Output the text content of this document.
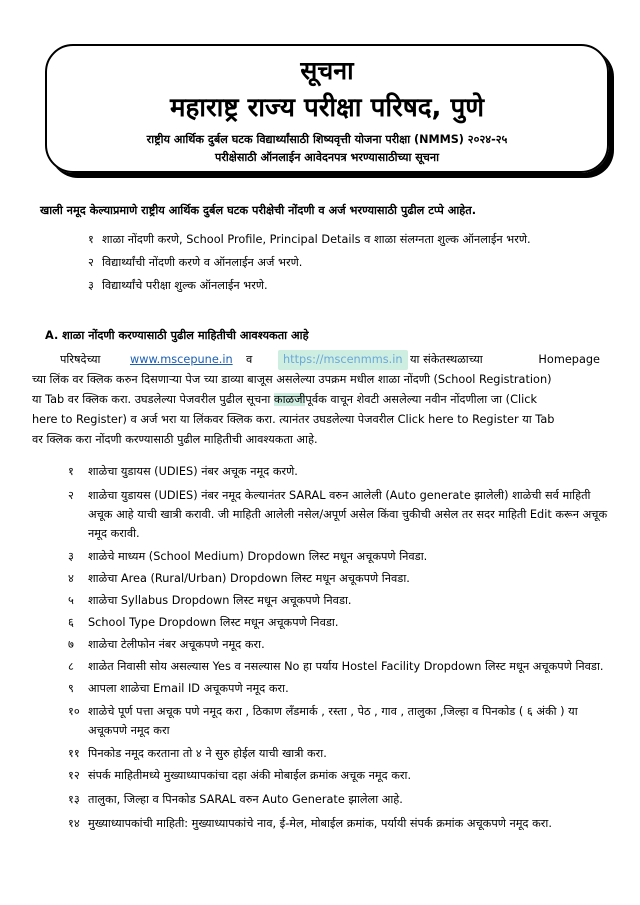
सूचना
महाराष्ट्र राज्य परीक्षा परिषद, पुणे
राष्ट्रीय आर्थिक दुर्बल घटक विद्यार्थ्यांसाठी शिष्यवृत्ती योजना परीक्षा (NMMS) २०२४-२५
परीक्षेसाठी ऑनलाईन आवेदनपत्र भरण्यासाठीच्या सूचना
खाली नमूद केल्याप्रमाणे राष्ट्रीय आर्थिक दुर्बल घटक परीक्षेची नोंदणी व अर्ज भरण्यासाठी पुढील टप्पे आहेत.
१ शाळा नोंदणी करणे, School Profile, Principal Details व शाळा संलग्नता शुल्क ऑनलाईन भरणे.
२ विद्यार्थ्यांची नोंदणी करणे व ऑनलाईन अर्ज भरणे.
३ विद्यार्थ्यांचे परीक्षा शुल्क ऑनलाईन भरणे.
A. शाळा नोंदणी करण्यासाठी पुढील माहितीची आवश्यकता आहे
परिषदेच्या	www.mscepune.in व	https://mscenmms.in या संकेतस्थळाच्या	Homepage
च्या लिंक वर क्लिक करुन दिसणाऱ्या पेज च्या डाव्या बाजूस असलेल्या उपक्रम मधील शाळा नोंदणी (School Registration)
या Tab वर क्लिक करा. उघडलेल्या पेजवरील पुढील सूचना काळजीपूर्वक वाचून शेवटी असलेल्या नवीन नोंदणीला जा (Click
here to Register) व अर्ज भरा या लिंकवर क्लिक करा. त्यानंतर उघडलेल्या पेजवरील Click here to Register या Tab
वर क्लिक करा नोंदणी करण्यासाठी पुढील माहितीची आवश्यकता आहे.
१	शाळेचा युडायस (UDIES) नंबर अचूक नमूद करणे.
२	शाळेचा युडायस (UDIES) नंबर नमूद केल्यानंतर SARAL वरुन आलेली (Auto generate झालेली) शाळेची सर्व माहिती अचूक आहे याची खात्री करावी. जी माहिती आलेली नसेल/अपूर्ण असेल किंवा चुकीची असेल तर सदर माहिती Edit करून अचूक नमूद करावी.
३	शाळेचे माध्यम (School Medium) Dropdown लिस्ट मधून अचूकपणे निवडा.
४	शाळेचा Area (Rural/Urban) Dropdown लिस्ट मधून अचूकपणे निवडा.
५	शाळेचा Syllabus Dropdown लिस्ट मधून अचूकपणे निवडा.
६	School Type Dropdown लिस्ट मधून अचूकपणे निवडा.
७	शाळेचा टेलीफोन नंबर अचूकपणे नमूद करा.
८	शाळेत निवासी सोय असल्यास Yes व नसल्यास No हा पर्याय Hostel Facility Dropdown लिस्ट मधून अचूकपणे निवडा.
९	आपला शाळेचा Email ID अचूकपणे नमूद करा.
१० शाळेचे पूर्ण पत्ता अचूक पणे नमूद करा , ठिकाण लँडमार्क , रस्ता , पेठ , गाव , तालुका ,जिल्हा व पिनकोड ( ६ अंकी ) या अचूकपणे नमूद करा
११ पिनकोड नमूद करताना तो ४ ने सुरु होईल याची खात्री करा.
१२ संपर्क माहितीमध्ये मुख्याध्यापकांचा दहा अंकी मोबाईल क्रमांक अचूक नमूद करा.
१३ तालुका, जिल्हा व पिनकोड SARAL वरुन Auto Generate झालेला आहे.
१४ मुख्याध्यापकांची माहिती: मुख्याध्यापकांचे नाव, ई-मेल, मोबाईल क्रमांक, पर्यायी संपर्क क्रमांक अचूकपणे नमूद करा.
